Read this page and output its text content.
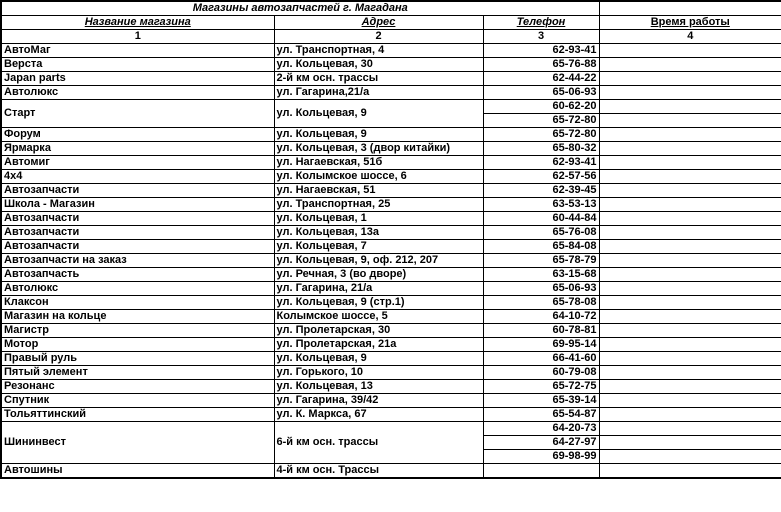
Магазины автозапчастей г. Магадана			
Название магазина	Адрес	Телефон	Время работы
1	2	3	4
АвтоМаг	ул. Транспортная, 4	62-93-41	
Верста	ул. Кольцевая, 30	65-76-88	
Japan parts	2-й км осн. трассы	62-44-22	
Автолюкс	ул. Гагарина,21/а	65-06-93	
Старт	ул. Кольцевая, 9	60-62-20	
		65-72-80	
Форум	ул. Кольцевая, 9	65-72-80	
Ярмарка	ул. Кольцевая, 3 (двор китайки)	65-80-32	
Автомиг	ул. Нагаевская, 51б	62-93-41	
4х4	ул. Колымское шоссе, 6	62-57-56	
Автозапчасти	ул. Нагаевская, 51	62-39-45	
Школа - Магазин	ул. Транспортная, 25	63-53-13	
Автозапчасти	ул. Кольцевая, 1	60-44-84	
Автозапчасти	ул. Кольцевая, 13а	65-76-08	
Автозапчасти	ул. Кольцевая, 7	65-84-08	
Автозапчасти на заказ	ул. Кольцевая, 9, оф. 212, 207	65-78-79	
Автозапчасть	ул. Речная, 3 (во дворе)	63-15-68	
Автолюкс	ул. Гагарина, 21/а	65-06-93	
Клаксон	ул. Кольцевая, 9 (стр.1)	65-78-08	
Магазин на кольце	Колымское шоссе, 5	64-10-72	
Магистр	ул. Пролетарская, 30	60-78-81	
Мотор	ул. Пролетарская, 21а	69-95-14	
Правый руль	ул. Кольцевая, 9	66-41-60	
Пятый элемент	ул. Горького, 10	60-79-08	
Резонанс	ул. Кольцевая, 13	65-72-75	
Спутник	ул. Гагарина, 39/42	65-39-14	
Тольяттинский	ул. К. Маркса, 67	65-54-87	
Шининвест	6-й км осн. трассы	64-20-73	
		64-27-97	
		69-98-99	
Автошины	4-й км осн. Трассы		
